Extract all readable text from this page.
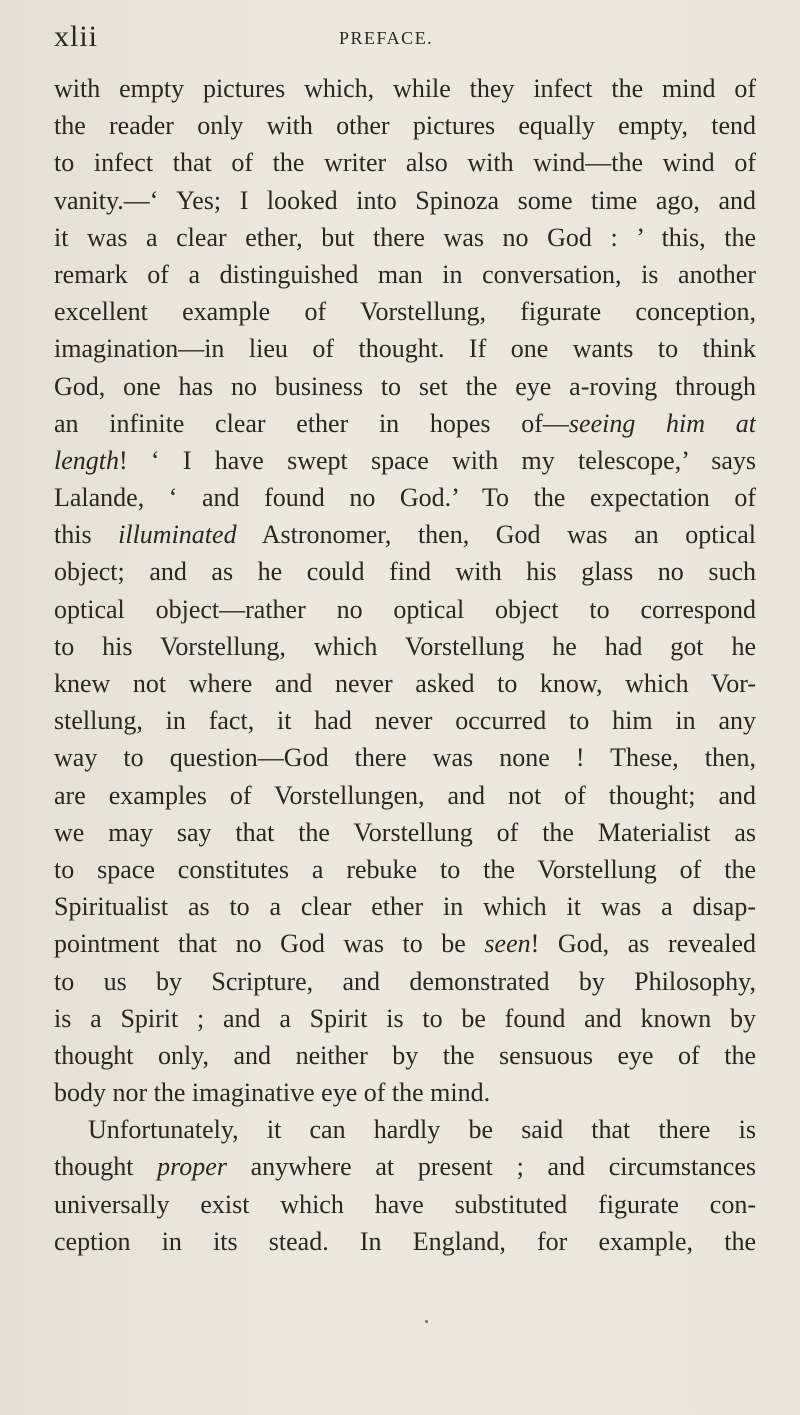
xlii	PREFACE.
with empty pictures which, while they infect the mind of
the reader only with other pictures equally empty, tend
to infect that of the writer also with wind—the wind of
vanity.—‘ Yes; I looked into Spinoza some time ago, and
it was a clear ether, but there was no God : ’ this, the
remark of a distinguished man in conversation, is another
excellent example of Vorstellung, figurate conception,
imagination—in lieu of thought. If one wants to think
God, one has no business to set the eye a-roving through
an infinite clear ether in hopes of—seeing him at
length! ‘ I have swept space with my telescope,’ says
Lalande, ‘ and found no God.’ To the expectation of
this illuminated Astronomer, then, God was an optical
object; and as he could find with his glass no such
optical object—rather no optical object to correspond
to his Vorstellung, which Vorstellung he had got he
knew not where and never asked to know, which Vor-
stellung, in fact, it had never occurred to him in any
way to question—God there was none ! These, then,
are examples of Vorstellungen, and not of thought; and
we may say that the Vorstellung of the Materialist as
to space constitutes a rebuke to the Vorstellung of the
Spiritualist as to a clear ether in which it was a disap-
pointment that no God was to be seen! God, as revealed
to us by Scripture, and demonstrated by Philosophy,
is a Spirit ; and a Spirit is to be found and known by
thought only, and neither by the sensuous eye of the
body nor the imaginative eye of the mind.
Unfortunately, it can hardly be said that there is
thought proper anywhere at present ; and circumstances
universally exist which have substituted figurate con-
ception in its stead. In England, for example, the
